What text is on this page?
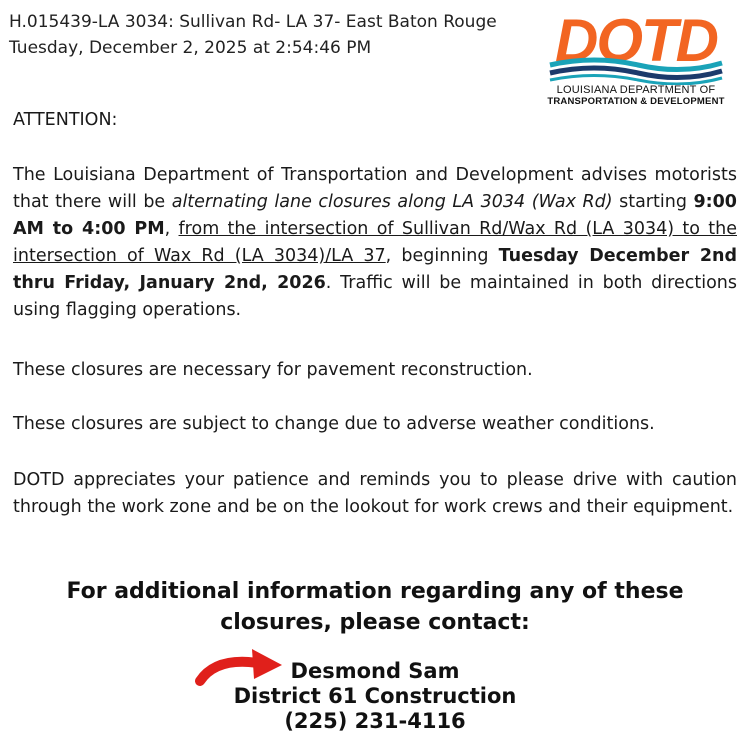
H.015439-LA 3034: Sullivan Rd- LA 37- East Baton Rouge
Tuesday, December 2, 2025 at 2:54:46 PM	DOTD
LOUISIANA DEPARTMENT OF
TRANSPORTATION & DEVELOPMENT
ATTENTION:
The Louisiana Department of Transportation and Development advises motorists that there will be alternating lane closures along LA 3034 (Wax Rd) starting 9:00 AM to 4:00 PM, from the intersection of Sullivan Rd/Wax Rd (LA 3034) to the intersection of Wax Rd (LA 3034)/LA 37, beginning Tuesday December 2nd thru Friday, January 2nd, 2026. Traffic will be maintained in both directions using flagging operations.
These closures are necessary for pavement reconstruction.
These closures are subject to change due to adverse weather conditions.
DOTD appreciates your patience and reminds you to please drive with caution through the work zone and be on the lookout for work crews and their equipment.
For additional information regarding any of these
closures, please contact:
Desmond Sam
District 61 Construction
(225) 231-4116
